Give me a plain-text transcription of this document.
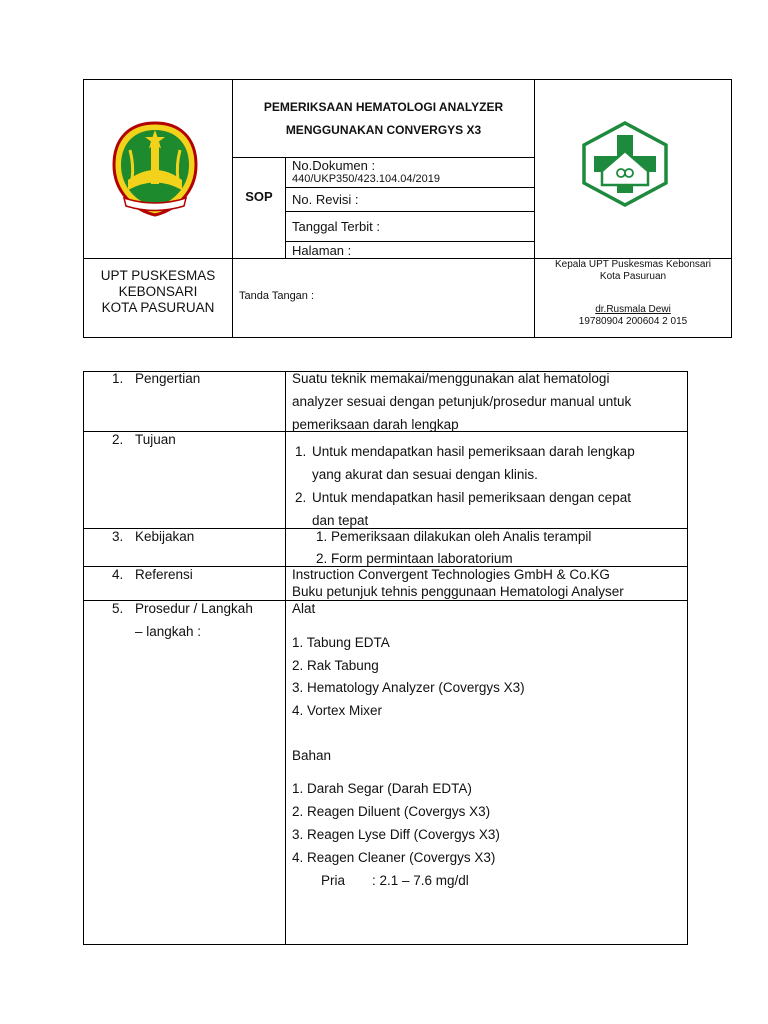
PEMERIKSAAN HEMATOLOGI ANALYZER
MENGGUNAKAN CONVERGYS X3
SOP
No.Dokumen :
440/UKP350/423.104.04/2019
No. Revisi :
Tanggal Terbit :
Halaman :
UPT PUSKESMAS
KEBONSARI
KOTA PASURUAN
Tanda Tangan :
Kepala UPT Puskesmas Kebonsari
Kota Pasuruan
dr.Rusmala Dewi
19780904 200604 2 015
1. Pengertian	Suatu teknik memakai/menggunakan alat hematologi
analyzer sesuai dengan petunjuk/prosedur manual untuk
pemeriksaan darah lengkap
2. Tujuan
1. Untuk mendapatkan hasil pemeriksaan darah lengkap
yang akurat dan sesuai dengan klinis.
2. Untuk mendapatkan hasil pemeriksaan dengan cepat
dan tepat
3. Kebijakan	1. Pemeriksaan dilakukan oleh Analis terampil
2. Form permintaan laboratorium
4. Referensi	Instruction Convergent Technologies GmbH & Co.KG
Buku petunjuk tehnis penggunaan Hematologi Analyser
5. Prosedur / Langkah
– langkah :
Alat
1. Tabung EDTA
2. Rak Tabung
3. Hematology Analyzer (Covergys X3)
4. Vortex Mixer
Bahan
1. Darah Segar (Darah EDTA)
2. Reagen Diluent (Covergys X3)
3. Reagen Lyse Diff (Covergys X3)
4. Reagen Cleaner (Covergys X3)
Pria : 2.1 – 7.6 mg/dl
